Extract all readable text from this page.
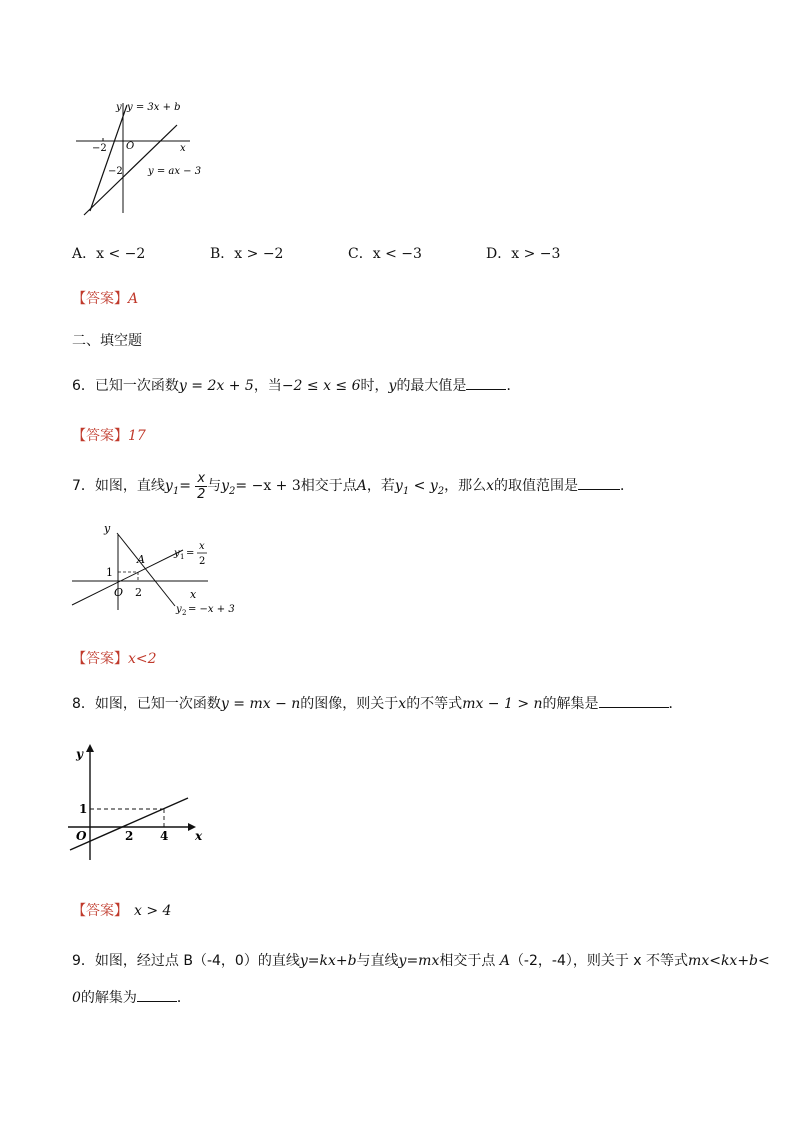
y y = 3x + b
x
O
−2
−2	y = ax − 3
A．x < −2	B．x > −2	C．x < −3	D．x > −3
【答案】A
二、填空题
6．已知一次函数y = 2x + 5，当−2 ≤ x ≤ 6时，y的最大值是	．
【答案】17
7．如图，直线$y_1= \frac{x}{2}$ 与$y_2= -x + 3$相交于点A，若$y_1 < y_2$，那么x的取值范围是	．
y
A
1
O 2	x
y 1 =
x
2
y 2 = −x + 3
【答案】x<2
8．如图，已知一次函数y = mx − n的图像，则关于x的不等式mx − 1 > n的解集是	．
y
1
O	2 4 x
【答案】 x > 4
9．如图，经过点 B（-4，0）的直线y=kx+b与直线y=mx相交于点 A（-2，-4），则关于 x 不等式mx<kx+b<
0的解集为	．
